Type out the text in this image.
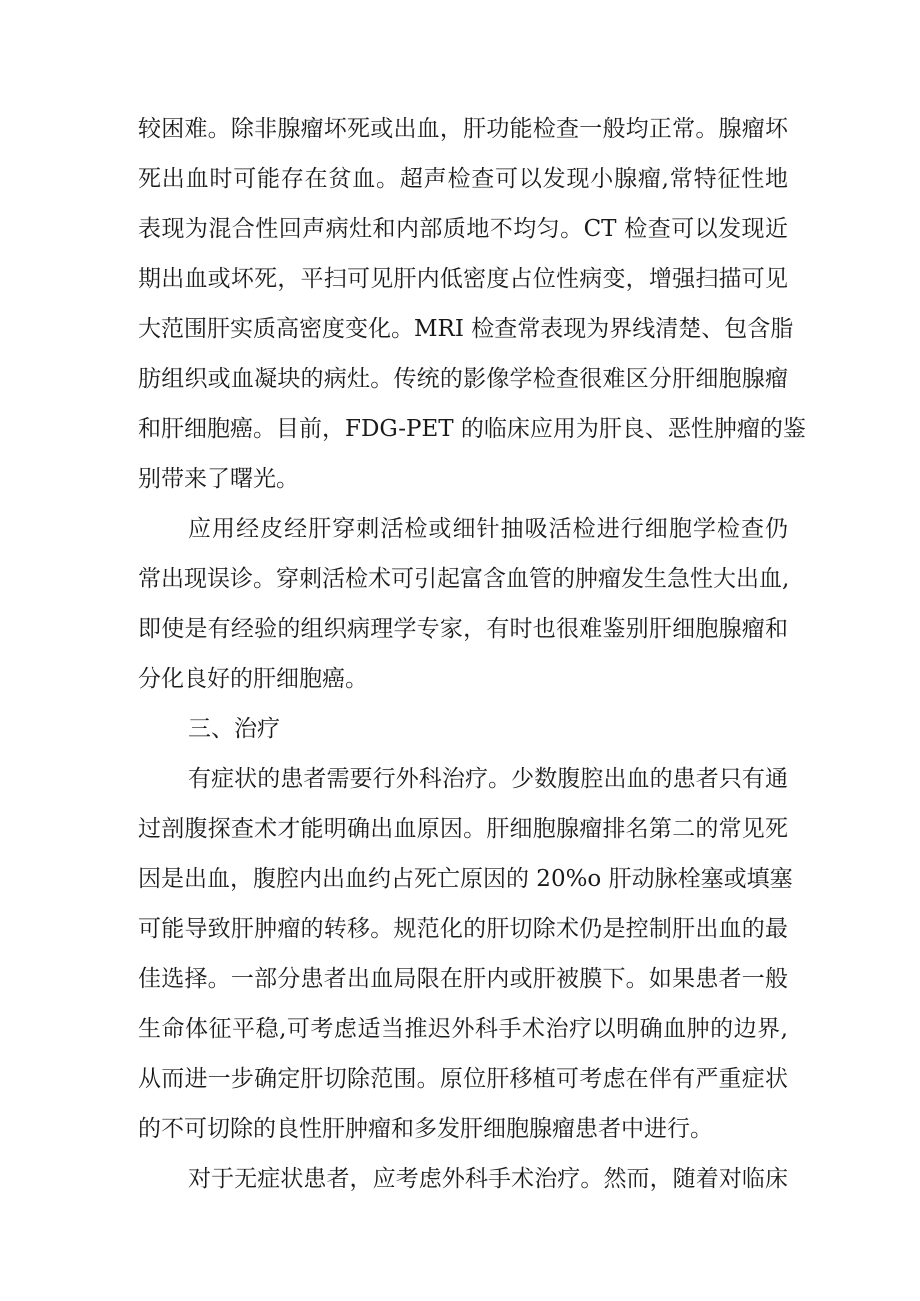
较困难。除非腺瘤坏死或出血，肝功能检查一般均正常。腺瘤坏
死出血时可能存在贫血。超声检查可以发现小腺瘤,常特征性地
表现为混合性回声病灶和内部质地不均匀。CT 检查可以发现近
期出血或坏死，平扫可见肝内低密度占位性病变，增强扫描可见
大范围肝实质高密度变化。MRI 检查常表现为界线清楚、包含脂
肪组织或血凝块的病灶。传统的影像学检查很难区分肝细胞腺瘤
和肝细胞癌。目前，FDG-PET 的临床应用为肝良、恶性肿瘤的鉴
别带来了曙光。
应用经皮经肝穿刺活检或细针抽吸活检进行细胞学检查仍
常出现误诊。穿刺活检术可引起富含血管的肿瘤发生急性大出血,
即使是有经验的组织病理学专家，有时也很难鉴别肝细胞腺瘤和
分化良好的肝细胞癌。
三、治疗
有症状的患者需要行外科治疗。少数腹腔出血的患者只有通
过剖腹探查术才能明确出血原因。肝细胞腺瘤排名第二的常见死
因是出血，腹腔内出血约占死亡原因的 20%o 肝动脉栓塞或填塞
可能导致肝肿瘤的转移。规范化的肝切除术仍是控制肝出血的最
佳选择。一部分患者出血局限在肝内或肝被膜下。如果患者一般
生命体征平稳,可考虑适当推迟外科手术治疗以明确血肿的边界,
从而进一步确定肝切除范围。原位肝移植可考虑在伴有严重症状
的不可切除的良性肝肿瘤和多发肝细胞腺瘤患者中进行。
对于无症状患者，应考虑外科手术治疗。然而，随着对临床
